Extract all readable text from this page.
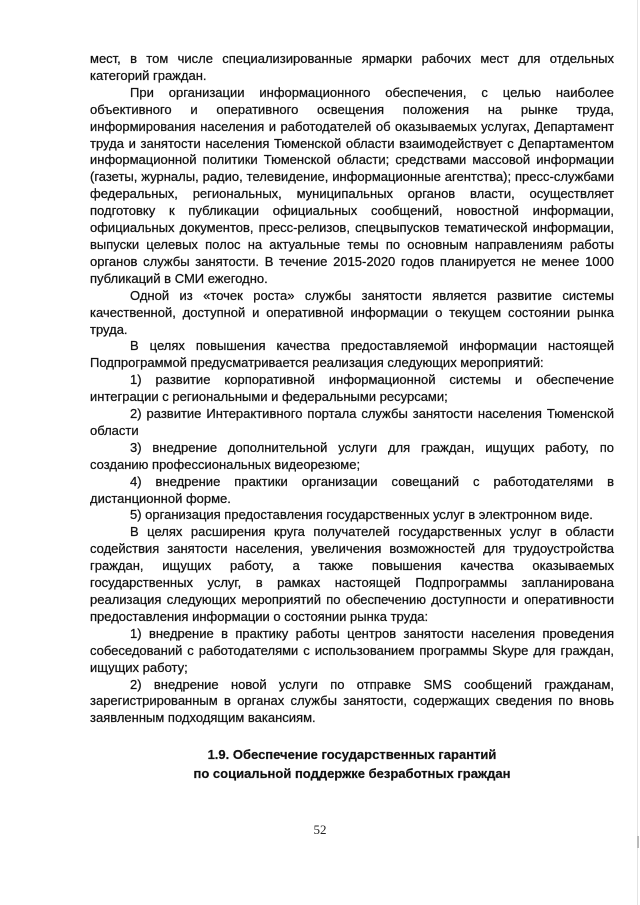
мест, в том числе специализированные ярмарки рабочих мест для отдельных категорий граждан.

При организации информационного обеспечения, с целью наиболее объективного и оперативного освещения положения на рынке труда, информирования населения и работодателей об оказываемых услугах, Департамент труда и занятости населения Тюменской области взаимодействует с Департаментом информационной политики Тюменской области; средствами массовой информации (газеты, журналы, радио, телевидение, информационные агентства); пресс-службами федеральных, региональных, муниципальных органов власти, осуществляет подготовку к публикации официальных сообщений, новостной информации, официальных документов, пресс-релизов, спецвыпусков тематической информации, выпуски целевых полос на актуальные темы по основным направлениям работы органов службы занятости. В течение 2015-2020 годов планируется не менее 1000 публикаций в СМИ ежегодно.

Одной из «точек роста» службы занятости является развитие системы качественной, доступной и оперативной информации о текущем состоянии рынка труда.

В целях повышения качества предоставляемой информации настоящей Подпрограммой предусматривается реализация следующих мероприятий:

1) развитие корпоративной информационной системы и обеспечение интеграции с региональными и федеральными ресурсами;

2) развитие Интерактивного портала службы занятости населения Тюменской области

3) внедрение дополнительной услуги для граждан, ищущих работу, по созданию профессиональных видеорезюме;

4) внедрение практики организации совещаний с работодателями в дистанционной форме.

5) организация предоставления государственных услуг в электронном виде.

В целях расширения круга получателей государственных услуг в области содействия занятости населения, увеличения возможностей для трудоустройства граждан, ищущих работу, а также повышения качества оказываемых государственных услуг, в рамках настоящей Подпрограммы запланирована реализация следующих мероприятий по обеспечению доступности и оперативности предоставления информации о состоянии рынка труда:

1) внедрение в практику работы центров занятости населения проведения собеседований с работодателями с использованием программы Skype для граждан, ищущих работу;

2) внедрение новой услуги по отправке SMS сообщений гражданам, зарегистрированным в органах службы занятости, содержащих сведения по вновь заявленным подходящим вакансиям.

1.9. Обеспечение государственных гарантий
по социальной поддержке безработных граждан
52
